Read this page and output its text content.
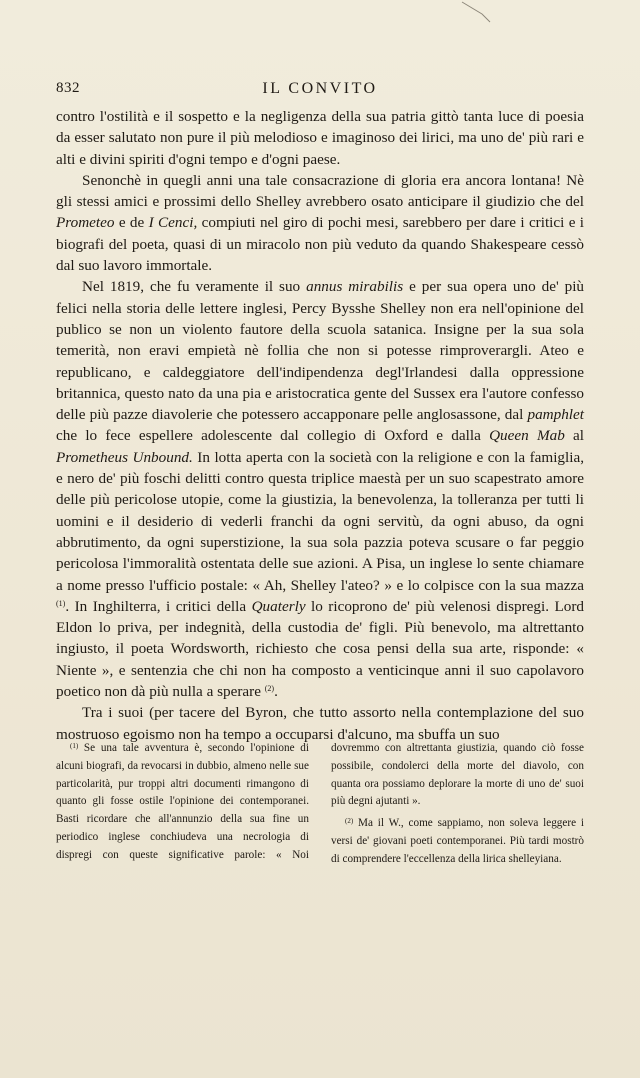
832	IL CONVITO

contro l'ostilità e il sospetto e la negligenza della sua patria gittò tanta luce di poesia da esser salutato non pure il più melodioso e imaginoso dei lirici, ma uno de' più rari e alti e divini spiriti d'ogni tempo e d'ogni paese.

Senonchè in quegli anni una tale consacrazione di gloria era ancora lontana! Nè gli stessi amici e prossimi dello Shelley avrebbero osato anticipare il giudizio che del Prometeo e de I Cenci, compiuti nel giro di pochi mesi, sarebbero per dare i critici e i biografi del poeta, quasi di un miracolo non più veduto da quando Shakespeare cessò dal suo lavoro immortale.

Nel 1819, che fu veramente il suo annus mirabilis e per sua opera uno de' più felici nella storia delle lettere inglesi, Percy Bysshe Shelley non era nell'opinione del publico se non un violento fautore della scuola satanica. Insigne per la sua sola temerità, non eravi empietà nè follia che non si potesse rimproverargli. Ateo e republicano, e caldeggiatore dell'indipendenza degl'Irlandesi dalla oppressione britannica, questo nato da una pia e aristocratica gente del Sussex era l'autore confesso delle più pazze diavolerie che potessero accapponare pelle anglosassone, dal pamphlet che lo fece espellere adolescente dal collegio di Oxford e dalla Queen Mab al Prometheus Unbound. In lotta aperta con la società con la religione e con la famiglia, e nero de' più foschi delitti contro questa triplice maestà per un suo scapestrato amore delle più pericolose utopie, come la giustizia, la benevolenza, la tolleranza per tutti li uomini e il desiderio di vederli franchi da ogni servitù, da ogni abuso, da ogni abbrutimento, da ogni superstizione, la sua sola pazzia poteva scusare o far peggio pericolosa l'immoralità ostentata delle sue azioni. A Pisa, un inglese lo sente chiamare a nome presso l'ufficio postale: « Ah, Shelley l'ateo? » e lo colpisce con la sua mazza $^{(1)}$. In Inghilterra, i critici della Quaterly lo ricoprono de' più velenosi dispregi. Lord Eldon lo priva, per indegnità, della custodia de' figli. Più benevolo, ma altrettanto ingiusto, il poeta Wordsworth, richiesto che cosa pensi della sua arte, risponde: « Niente », e sentenzia che chi non ha composto a venticinque anni il suo capolavoro poetico non dà più nulla a sperare $^{(2)}$.

Tra i suoi (per tacere del Byron, che tutto assorto nella contemplazione del suo mostruoso egoismo non ha tempo a occuparsi d'alcuno, ma sbuffa un suo

$^{(1)}$ Se una tale avventura è, secondo l'opinione di alcuni biografi, da revocarsi in dubbio, almeno nelle sue particolarità, pur troppi altri documenti rimangono di quanto gli fosse ostile l'opinione dei contemporanei. Basti ricordare che all'annunzio della sua fine un periodico inglese conchiudeva una necrologia di dispregi con queste significative parole: « Noi dovremmo con altrettanta giustizia, quando ciò fosse possibile, condolerci della morte del diavolo, con quanta ora possiamo deplorare la morte di uno de' suoi più degni ajutanti ».

$^{(2)}$ Ma il W., come sappiamo, non soleva leggere i versi de' giovani poeti contemporanei. Più tardi mostrò di comprendere l'eccellenza della lirica shelleyiana.
